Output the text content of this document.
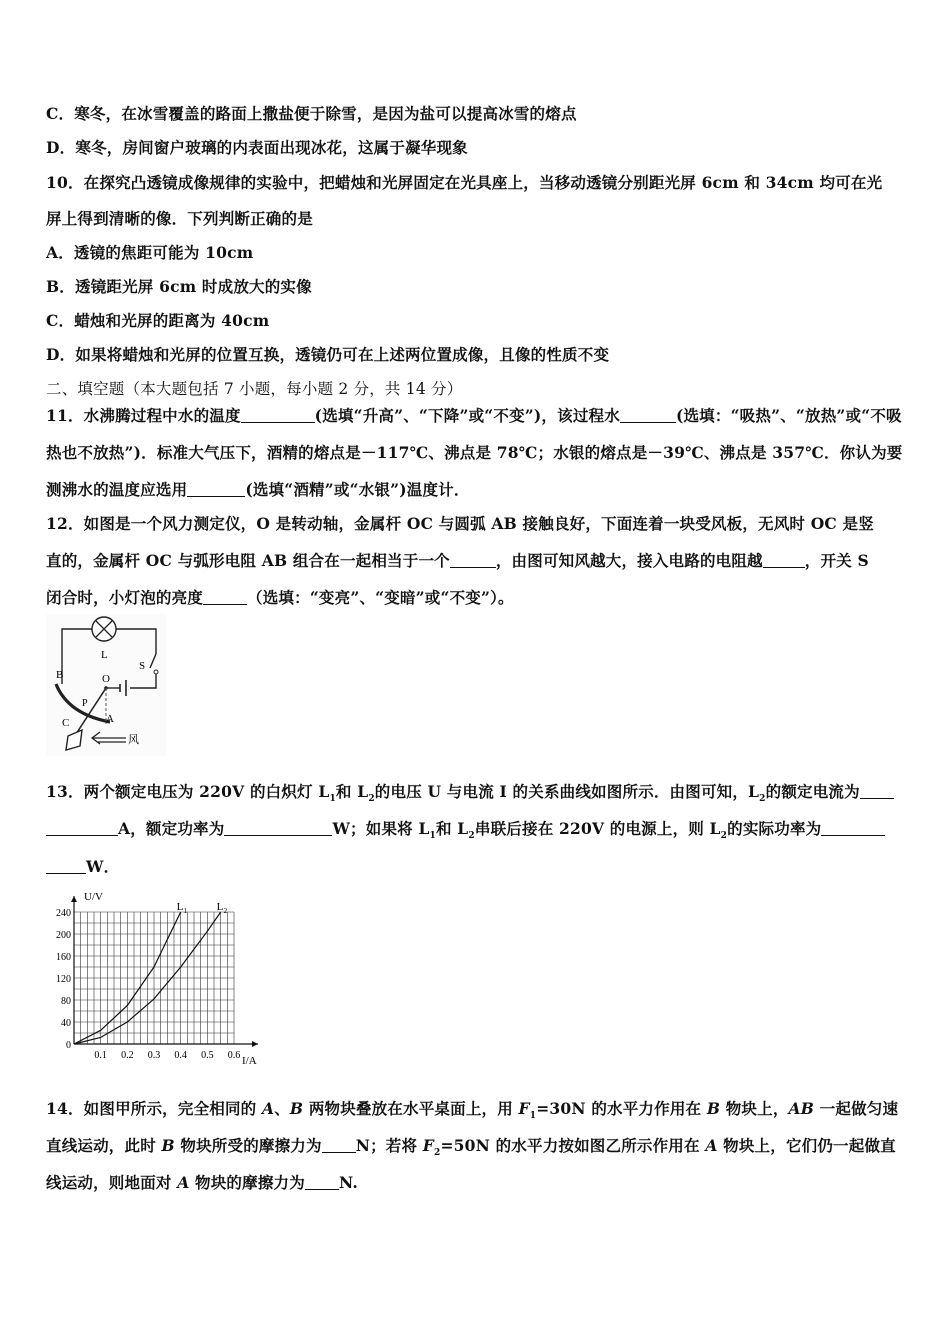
C．寒冬，在冰雪覆盖的路面上撒盐便于除雪，是因为盐可以提高冰雪的熔点
D．寒冬，房间窗户玻璃的内表面出现冰花，这属于凝华现象
10．在探究凸透镜成像规律的实验中，把蜡烛和光屏固定在光具座上，当移动透镜分别距光屏 6cm 和 34cm 均可在光
屏上得到清晰的像．下列判断正确的是
A．透镜的焦距可能为 10cm
B．透镜距光屏 6cm 时成放大的实像
C．蜡烛和光屏的距离为 40cm
D．如果将蜡烛和光屏的位置互换，透镜仍可在上述两位置成像，且像的性质不变
二、填空题（本大题包括 7 小题，每小题 2 分，共 14 分）
11．水沸腾过程中水的温度	(选填“升高”、“下降”或“不变”)，该过程水	(选填：“吸热”、“放热”或“不吸
热也不放热”)．标准大气压下，酒精的熔点是－117℃、沸点是 78℃；水银的熔点是－39℃、沸点是 357℃．你认为要
测沸水的温度应选用	(选填“酒精”或“水银”)温度计．
12．如图是一个风力测定仪，O 是转动轴，金属杆 OC 与圆弧 AB 接触良好，下面连着一块受风板，无风时 OC 是竖
直的，金属杆 OC 与弧形电阻 AB 组合在一起相当于一个	，由图可知风越大，接入电路的电阻越	，开关 S
闭合时，小灯泡的亮度	（选填：“变亮”、“变暗”或“不变”）。
L
S
O
B
A
P
C
风
13．两个额定电压为 220V 的白炽灯 $L_1$和 $L_2$的电压 U 与电流 I 的关系曲线如图所示．由图可知，$L_2$的额定电流为
A，额定功率为	W；如果将 $L_1$和 $L_2$串联后接在 220V 的电源上，则 $L_2$的实际功率为
W．
U/V
I/A
0
40
80
120
160
200
240
0.1 0.2 0.3 0.4 0.5 0.6
L 1	L 2
14．如图甲所示，完全相同的 A、B 两物块叠放在水平桌面上，用 $F_1=30N$ 的水平力作用在 B 物块上，AB 一起做匀速
直线运动，此时 B 物块所受的摩擦力为 N；若将 $F_2=50N$ 的水平力按如图乙所示作用在 A 物块上，它们仍一起做直
线运动，则地面对 A 物块的摩擦力为 N.
